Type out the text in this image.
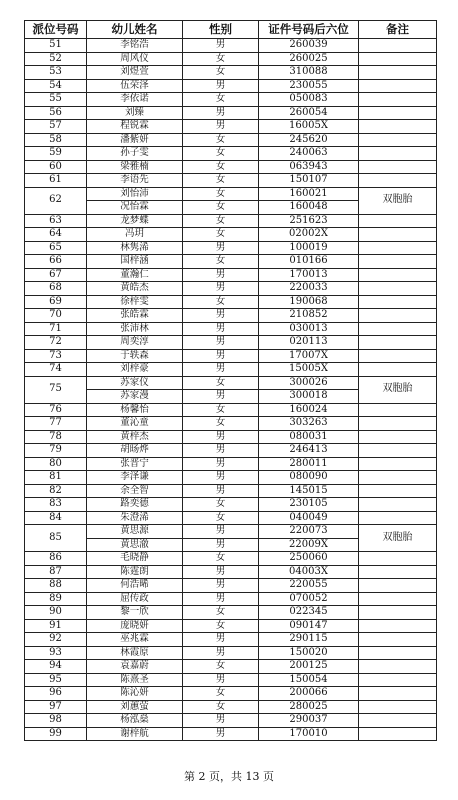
派位号码	幼儿姓名	性别	证件号码后六位	备注
51	李铭浩	男	260039	
52	周风仪	女	260025	
53	刘煜萱	女	310088	
54	伍荣泽	男	230055	
55	李依诺	女	050083	
56	刘臻	男	260054	
57	程锐霖	男	16005X	
58	潘紫妍	女	245620	
59	孙子雯	女	240063	
60	梁雅楠	女	063943	
61	李语先	女	150107	
62	刘怡沛	女	160021	双胞胎
	况怡霖	女	160048	
63	龙梦蝶	女	251623	
64	冯玥	女	02002X	
65	林隽浠	男	100019	
66	国梓涵	女	010166	
67	董瀚仁	男	170013	
68	黄皓杰	男	220033	
69	徐梓雯	女	190068	
70	张皓霖	男	210852	
71	张沛林	男	030013	
72	周奕淳	男	020113	
73	于轶森	男	17007X	
74	刘梓豪	男	15005X	
75	苏家仪	女	300026	双胞胎
	苏家漫	男	300018	
76	杨馨怡	女	160024	
77	董沁童	女	303263	
78	黄梓杰	男	080031	
79	胡旸烨	男	246413	
80	张晋宁	男	280011	
81	李泽谦	男	080090	
82	余全智	男	145015	
83	路奕德	女	230105	
84	朱澄浠	女	040049	
85	黄思源	男	220073	双胞胎
	黄思澈	男	22009X	
86	毛晓静	女	250060	
87	陈霆朗	男	04003X	
88	何浩晞	男	220055	
89	屈传政	男	070052	
90	黎一欣	女	022345	
91	庞晓妍	女	090147	
92	巫兆霖	男	290115	
93	林霞原	男	150020	
94	袁嘉蔚	女	200125	
95	陈熹圣	男	150054	
96	陈沁妍	女	200066	
97	刘蕙萤	女	280025	
98	杨泓燊	男	290037	
99	谢梓航	男	170010	
第 2 页，共 13 页
